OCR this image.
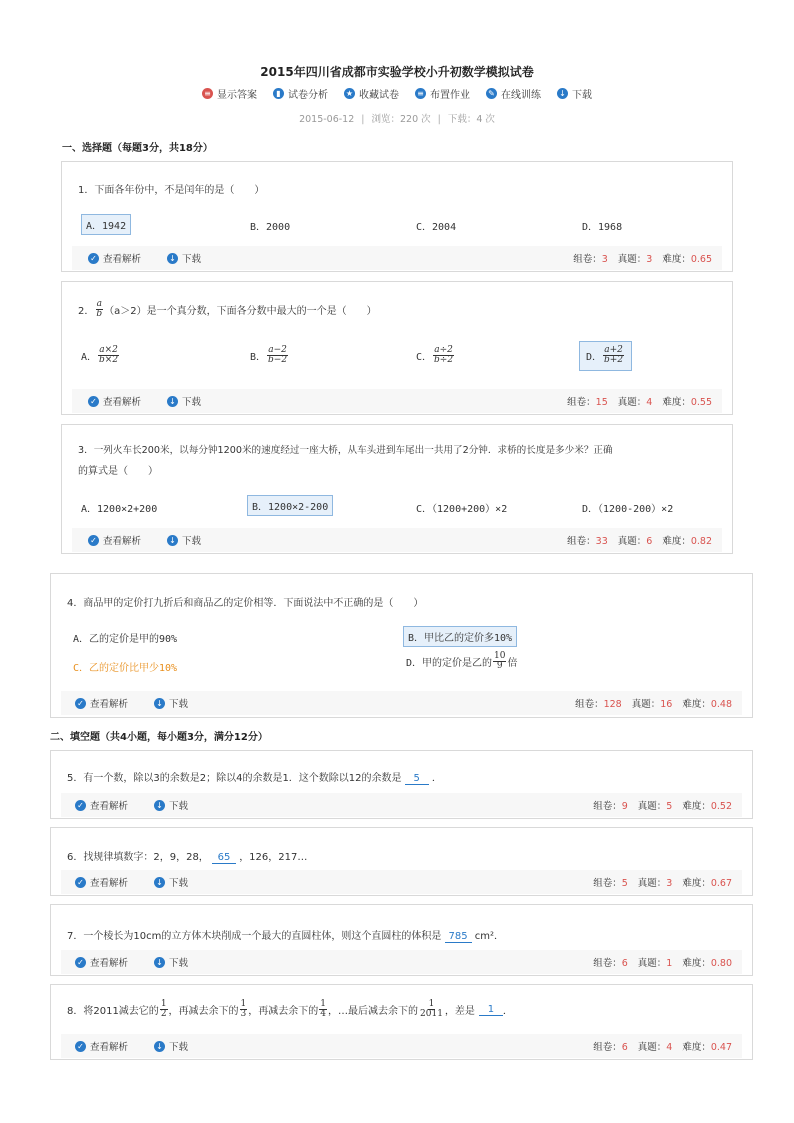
2015年四川省成都市实验学校小升初数学模拟试卷
≡ 显示答案	▮ 试卷分析 ★ 收藏试卷 ≡ 布置作业 ✎ 在线训练 ↓ 下载
2015-06-12 | 浏览：220 次 | 下载：4 次
一、选择题（每题3分，共18分）
1．下面各年份中，不是闰年的是（　　）
A．1942	B．2000	C．2004	D．1968
✓ 查看解析	↓ 下载	组卷：3 真题：3 难度：0.65
2． $\frac{a}{b} (a>2)$是一个真分数，下面各分数中最大的一个是（　　）
A． $\frac{a\times 2}{b\times 2}$	B． $\frac{a-2}{b-2}$	C． $\frac{a\div 2}{b\div 2}$	D． $\frac{a+2}{b+2}$
✓ 查看解析	↓ 下载	组卷：15 真题：4 难度：0.55
3．一列火车长200米，以每分钟1200米的速度经过一座大桥，从车头进到车尾出一共用了2分钟．求桥的长度是多少米？正确
的算式是（　　）
A．1200×2+200	B．1200×2-200	C．（1200+200）×2	D．（1200-200）×2
✓ 查看解析	↓ 下载	组卷：33 真题：6 难度：0.82
4．商品甲的定价打九折后和商品乙的定价相等．下面说法中不正确的是（　　）
A．乙的定价是甲的90%	B．甲比乙的定价多10%
C．乙的定价比甲少10%	D．甲的定价是乙的 $\frac{10}{9}$ 倍
✓ 查看解析	↓ 下载	组卷：128 真题：16 难度：0.48
二、填空题（共4小题，每小题3分，满分12分）
5．有一个数，除以3的余数是2；除以4的余数是1．这个数除以12的余数是 5 ．
✓ 查看解析	↓ 下载	组卷：9 真题：5 难度：0.52
6．找规律填数字：2，9，28， 65 ，126，217…
✓ 查看解析	↓ 下载	组卷：5 真题：3 难度：0.67
7．一个棱长为10cm的立方体木块削成一个最大的直圆柱体，则这个直圆柱的体积是 785 cm²．
✓ 查看解析	↓ 下载	组卷：6 真题：1 难度：0.80
8．将2011减去它的 $\frac{1}{2}$ ，再减去余下的 $\frac{1}{3}$ ，再减去余下的 $\frac{1}{4}$ ，…最后减去余下的 $\frac{1}{2011}$ ，差是	1 ．
✓ 查看解析	↓ 下载	组卷：6 真题：4 难度：0.47
